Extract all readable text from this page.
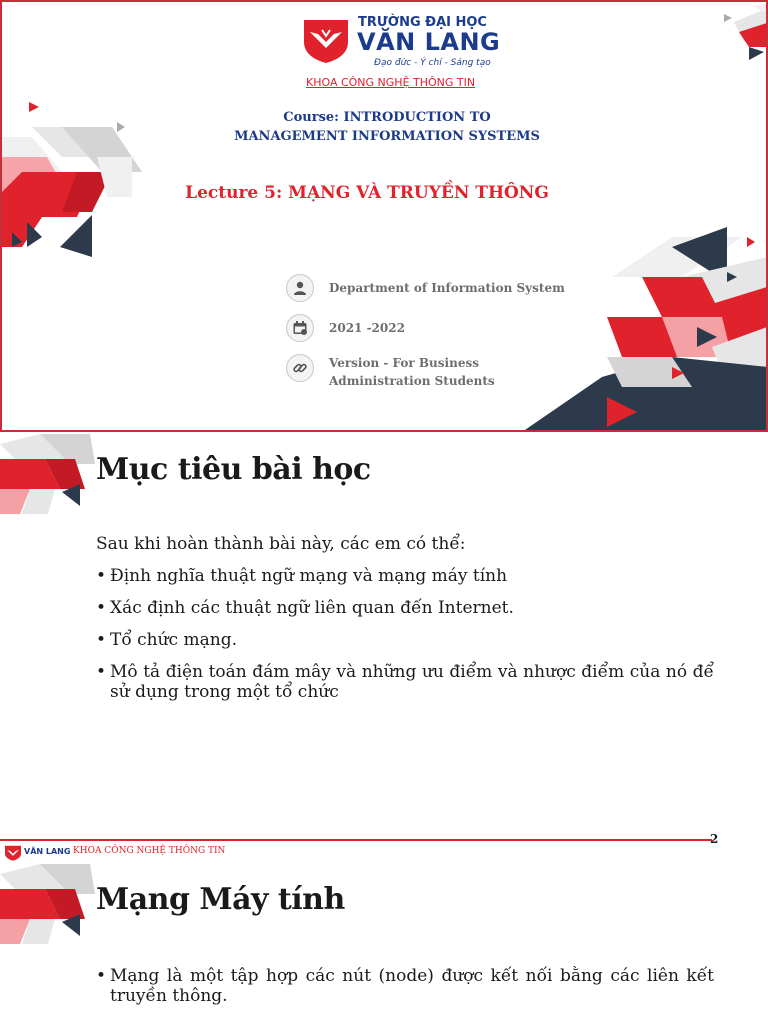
TRƯỜNG ĐẠI HỌC
VĂN LANG
Đạo đức - Ý chí - Sáng tạo
KHOA CÔNG NGHỆ THÔNG TIN
Course: INTRODUCTION TO
MANAGEMENT INFORMATION SYSTEMS
Lecture 5: MẠNG VÀ TRUYỀN THÔNG
Department of Information System
2021 -2022
Version - For Business Administration Students
Mục tiêu bài học
Sau khi hoàn thành bài này, các em có thể:
• Định nghĩa thuật ngữ mạng và mạng máy tính
• Xác định các thuật ngữ liên quan đến Internet.
• Tổ chức mạng.
• Mô tả điện toán đám mây và những ưu điểm và nhược điểm của nó để sử dụng trong một tổ chức
2
VĂN LANG KHOA CÔNG NGHỆ THÔNG TIN
Mạng Máy tính
• Mạng là một tập hợp các nút (node) được kết nối bằng các liên kết truyền thông.
